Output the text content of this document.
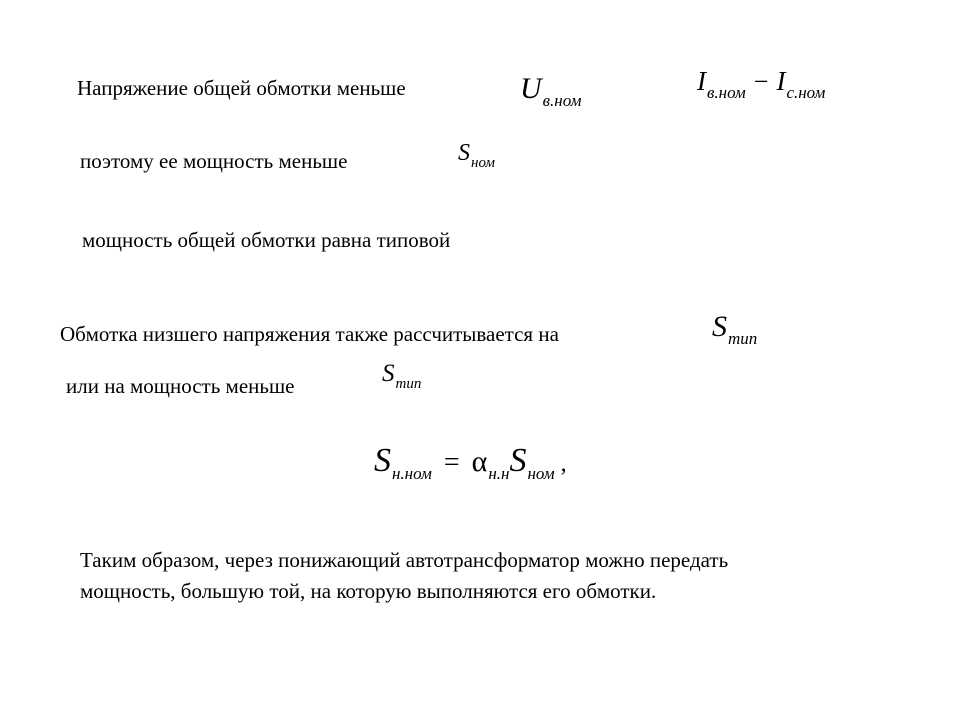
Напряжение общей обмотки меньше	Uв.ном
Iв.ном − Iс.ном
поэтому ее мощность меньше	Sном
мощность общей обмотки равна типовой
Обмотка низшего напряжения также рассчитывается на	Sтип
или на мощность меньше	Sтип
Sн.ном = αн.нSном ,
Таким образом, через понижающий автотрансформатор можно передать
мощность, большую той, на которую выполняются его обмотки.
